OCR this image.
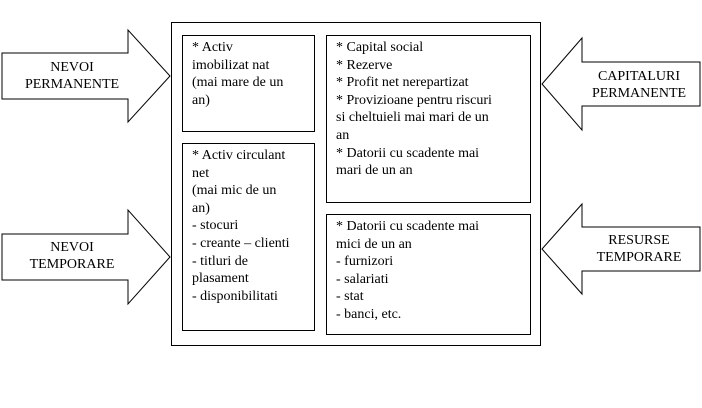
NEVOI
PERMANENTE
CAPITALURI
PERMANENTE
NEVOI
TEMPORARE
RESURSE
TEMPORARE
* Activ
imobilizat nat
(mai mare de un
an)
* Activ circulant
net
(mai mic de un
an)
- stocuri
- creante – clienti
- titluri de
plasament
- disponibilitati
* Capital social
* Rezerve
* Profit net nerepartizat
* Provizioane pentru riscuri
si cheltuieli mai mari de un
an
* Datorii cu scadente mai
mari de un an
* Datorii cu scadente mai
mici de un an
- furnizori
- salariati
- stat
- banci, etc.
